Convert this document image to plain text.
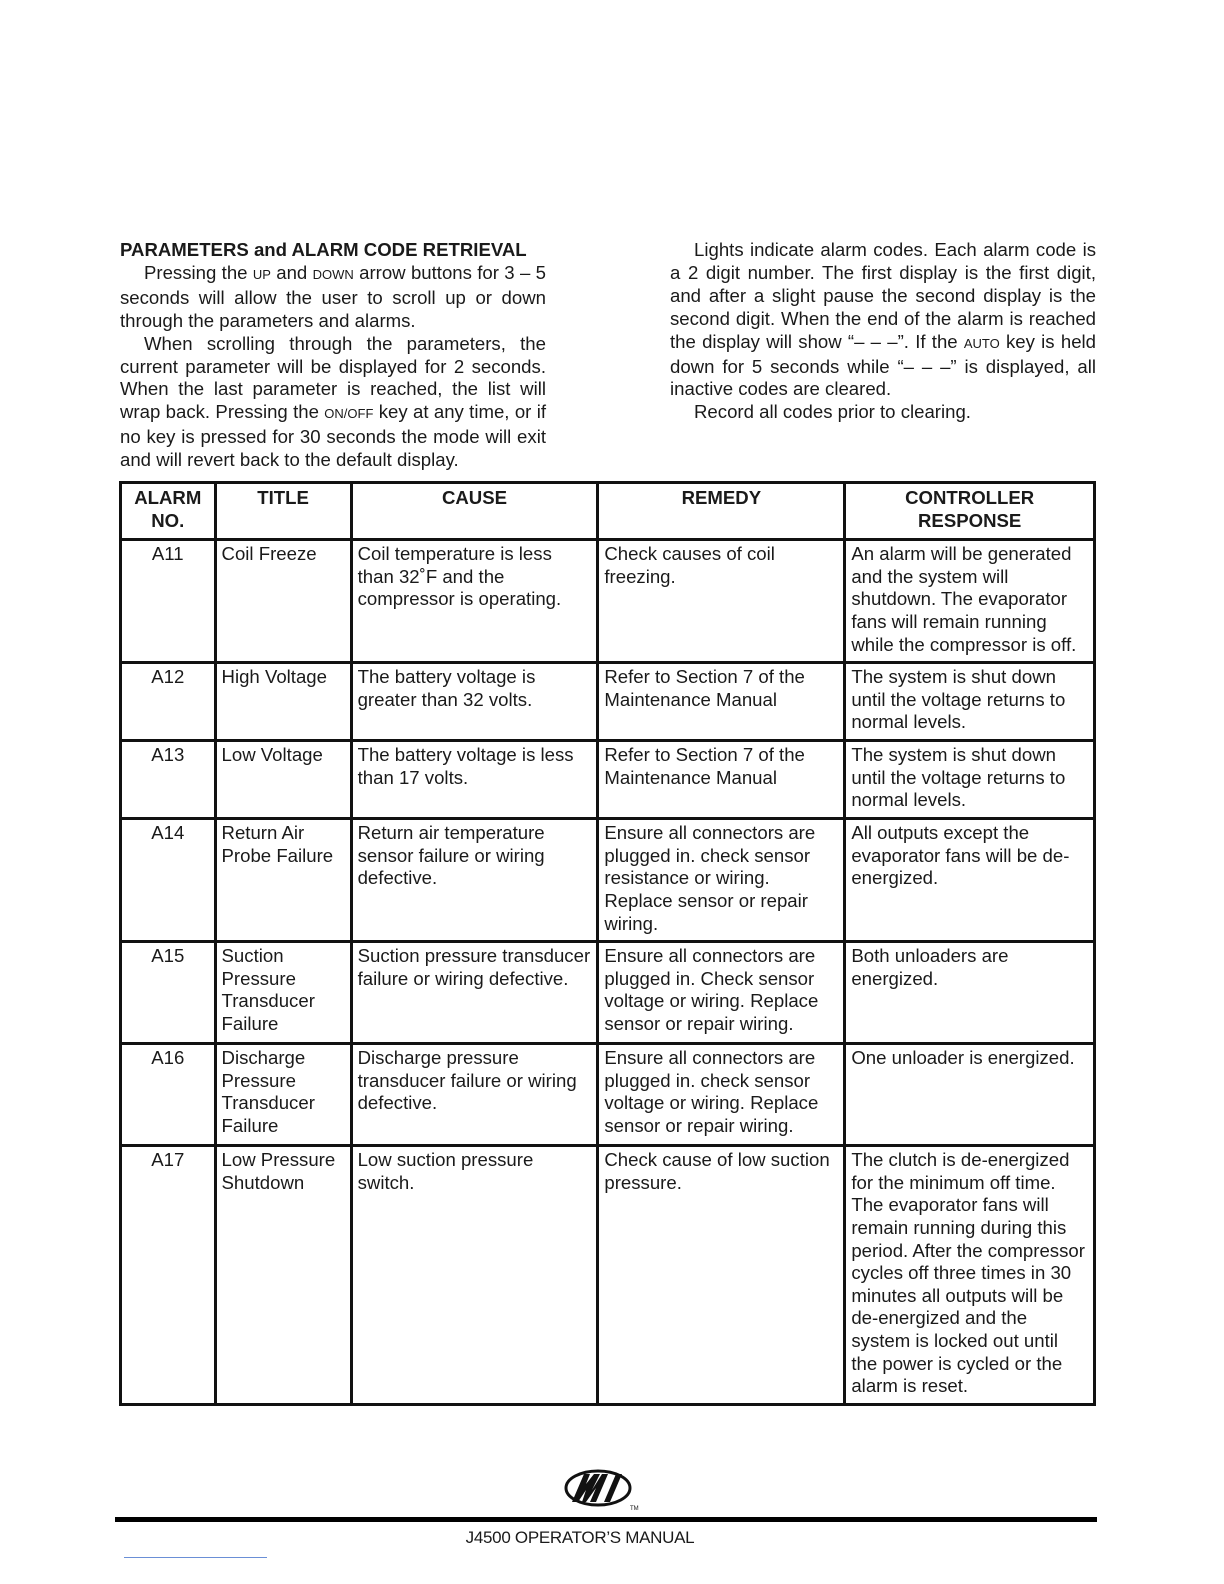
PARAMETERS and ALARM CODE RETRIEVAL

Pressing the UP and DOWN arrow buttons for 3 – 5 seconds will allow the user to scroll up or down through the parameters and alarms.

When scrolling through the parameters, the current parameter will be displayed for 2 seconds. When the last parameter is reached, the list will wrap back. Pressing the ON/OFF key at any time, or if no key is pressed for 30 seconds the mode will exit and will revert back to the default display.

Lights indicate alarm codes. Each alarm code is a 2 digit number. The first display is the first digit, and after a slight pause the second display is the second digit. When the end of the alarm is reached the display will show “– – –”. If the AUTO key is held down for 5 seconds while “– – –” is displayed, all inactive codes are cleared.

Record all codes prior to clearing.

ALARM NO.	TITLE	CAUSE	REMEDY	CONTROLLER RESPONSE
A11	Coil Freeze	Coil temperature is less than 32˚F and the compressor is operating.	Check causes of coil freezing.	An alarm will be generated and the system will shutdown. The evaporator fans will remain running while the compressor is off.
A12	High Voltage	The battery voltage is greater than 32 volts.	Refer to Section 7 of the Maintenance Manual	The system is shut down until the voltage returns to normal levels.
A13	Low Voltage	The battery voltage is less than 17 volts.	Refer to Section 7 of the Maintenance Manual	The system is shut down until the voltage returns to normal levels.
A14	Return Air Probe Failure	Return air temperature sensor failure or wiring defective.	Ensure all connectors are plugged in. check sensor resistance or wiring. Replace sensor or repair wiring.	All outputs except the evaporator fans will be de-energized.
A15	Suction Pressure Transducer Failure	Suction pressure transducer failure or wiring defective.	Ensure all connectors are plugged in. Check sensor voltage or wiring. Replace sensor or repair wiring.	Both unloaders are energized.
A16	Discharge Pressure Transducer Failure	Discharge pressure transducer failure or wiring defective.	Ensure all connectors are plugged in. check sensor voltage or wiring. Replace sensor or repair wiring.	One unloader is energized.
A17	Low Pressure Shutdown	Low suction pressure switch.	Check cause of low suction pressure.	The clutch is de-energized for the minimum off time. The evaporator fans will remain running during this period. After the compressor cycles off three times in 30 minutes all outputs will be de-energized and the system is locked out until the power is cycled or the alarm is reset.
TM
J4500 OPERATOR’S MANUAL
